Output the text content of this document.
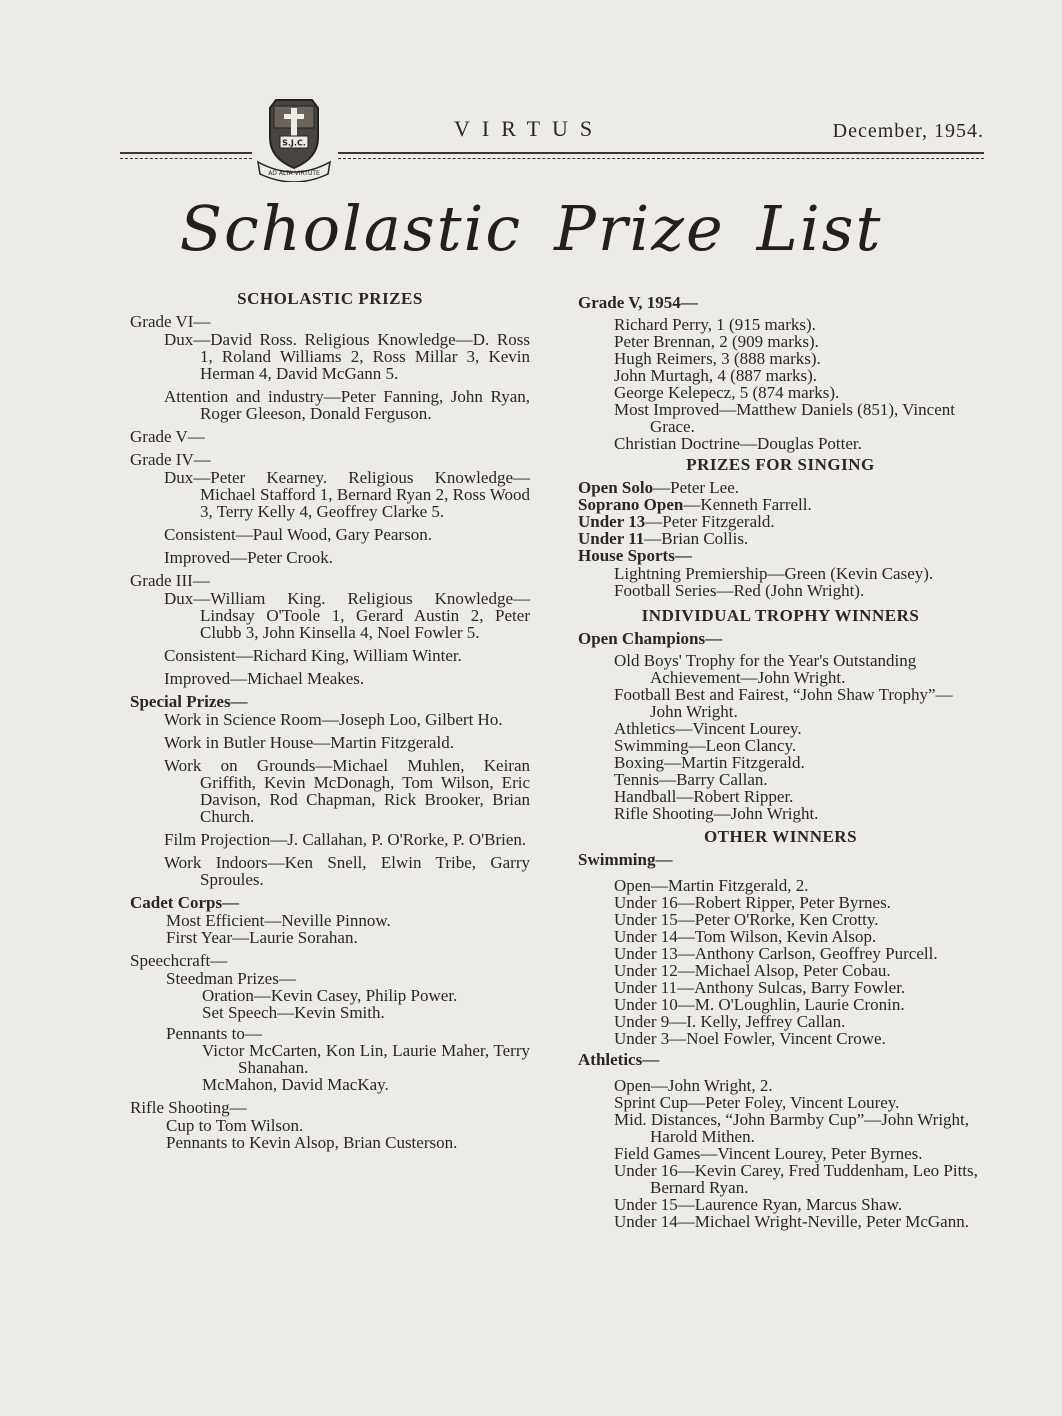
S.J.C.
AD ALTA VIRTUTE
VIRTUS	December, 1954.
Scholastic Prize List
SCHOLASTIC PRIZES
Grade VI—
Dux—David Ross. Religious Knowledge—D. Ross 1, Roland Williams 2, Ross Millar 3, Kevin Herman 4, David McGann 5.
Attention and industry—Peter Fanning, John Ryan, Roger Gleeson, Donald Ferguson.
Grade V—
Grade IV—
Dux—Peter Kearney. Religious Knowledge—Michael Stafford 1, Bernard Ryan 2, Ross Wood 3, Terry Kelly 4, Geoffrey Clarke 5.
Consistent—Paul Wood, Gary Pearson.
Improved—Peter Crook.
Grade III—
Dux—William King. Religious Knowledge—Lindsay O'Toole 1, Gerard Austin 2, Peter Clubb 3, John Kinsella 4, Noel Fowler 5.
Consistent—Richard King, William Winter.
Improved—Michael Meakes.
Special Prizes—
Work in Science Room—Joseph Loo, Gilbert Ho.
Work in Butler House—Martin Fitzgerald.
Work on Grounds—Michael Muhlen, Keiran Griffith, Kevin McDonagh, Tom Wilson, Eric Davison, Rod Chapman, Rick Brooker, Brian Church.
Film Projection—J. Callahan, P. O'Rorke, P. O'Brien.
Work Indoors—Ken Snell, Elwin Tribe, Garry Sproules.
Cadet Corps—
Most Efficient—Neville Pinnow.
First Year—Laurie Sorahan.
Speechcraft—
Steedman Prizes—
Oration—Kevin Casey, Philip Power.
Set Speech—Kevin Smith.
Pennants to—
Victor McCarten, Kon Lin, Laurie Maher, Terry Shanahan.
McMahon, David MacKay.
Rifle Shooting—
Cup to Tom Wilson.
Pennants to Kevin Alsop, Brian Custerson.
Grade V, 1954—
Richard Perry, 1 (915 marks).
Peter Brennan, 2 (909 marks).
Hugh Reimers, 3 (888 marks).
John Murtagh, 4 (887 marks).
George Kelepecz, 5 (874 marks).
Most Improved—Matthew Daniels (851), Vincent Grace.
Christian Doctrine—Douglas Potter.
PRIZES FOR SINGING
Open Solo—Peter Lee.
Soprano Open—Kenneth Farrell.
Under 13—Peter Fitzgerald.
Under 11—Brian Collis.
House Sports—
Lightning Premiership—Green (Kevin Casey).
Football Series—Red (John Wright).
INDIVIDUAL TROPHY WINNERS
Open Champions—
Old Boys' Trophy for the Year's Outstanding Achievement—John Wright.
Football Best and Fairest, “John Shaw Trophy”—John Wright.
Athletics—Vincent Lourey.
Swimming—Leon Clancy.
Boxing—Martin Fitzgerald.
Tennis—Barry Callan.
Handball—Robert Ripper.
Rifle Shooting—John Wright.
OTHER WINNERS
Swimming—
Open—Martin Fitzgerald, 2.
Under 16—Robert Ripper, Peter Byrnes.
Under 15—Peter O'Rorke, Ken Crotty.
Under 14—Tom Wilson, Kevin Alsop.
Under 13—Anthony Carlson, Geoffrey Purcell.
Under 12—Michael Alsop, Peter Cobau.
Under 11—Anthony Sulcas, Barry Fowler.
Under 10—M. O'Loughlin, Laurie Cronin.
Under 9—I. Kelly, Jeffrey Callan.
Under 3—Noel Fowler, Vincent Crowe.
Athletics—
Open—John Wright, 2.
Sprint Cup—Peter Foley, Vincent Lourey.
Mid. Distances, “John Barmby Cup”—John Wright, Harold Mithen.
Field Games—Vincent Lourey, Peter Byrnes.
Under 16—Kevin Carey, Fred Tuddenham, Leo Pitts, Bernard Ryan.
Under 15—Laurence Ryan, Marcus Shaw.
Under 14—Michael Wright-Neville, Peter McGann.
